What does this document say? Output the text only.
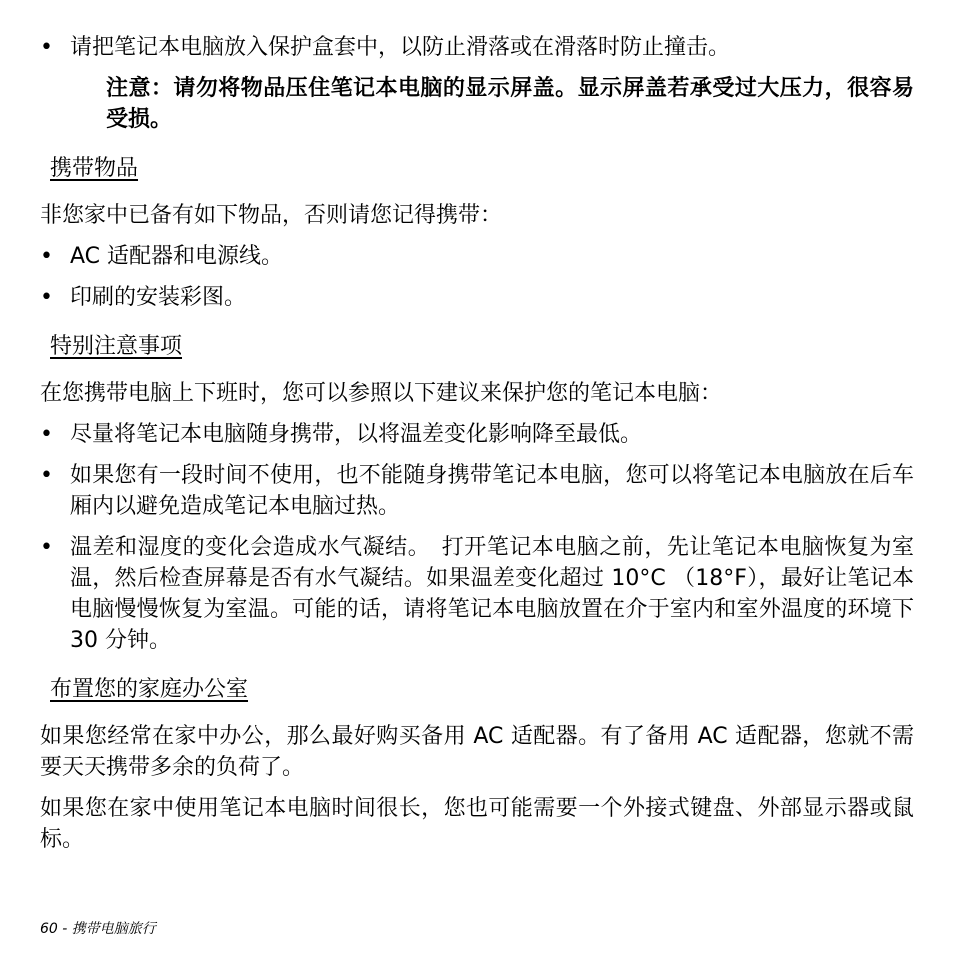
• 请把笔记本电脑放入保护盒套中，以防止滑落或在滑落时防止撞击。
注意：请勿将物品压住笔记本电脑的显示屏盖。显示屏盖若承受过大压力，很容易受损。
携带物品
非您家中已备有如下物品，否则请您记得携带：
• AC 适配器和电源线。
• 印刷的安装彩图。
特别注意事项
在您携带电脑上下班时，您可以参照以下建议来保护您的笔记本电脑：
• 尽量将笔记本电脑随身携带，以将温差变化影响降至最低。
• 如果您有一段时间不使用，也不能随身携带笔记本电脑，您可以将笔记本电脑放在后车厢内以避免造成笔记本电脑过热。
• 温差和湿度的变化会造成水气凝结。　打开笔记本电脑之前，先让笔记本电脑恢复为室温，然后检查屏幕是否有水气凝结。如果温差变化超过 10°C （18°F），最好让笔记本电脑慢慢恢复为室温。可能的话，请将笔记本电脑放置在介于室内和室外温度的环境下 30 分钟。
布置您的家庭办公室
如果您经常在家中办公，那么最好购买备用 AC 适配器。有了备用 AC 适配器，您就不需要天天携带多余的负荷了。
如果您在家中使用笔记本电脑时间很长，您也可能需要一个外接式键盘、外部显示器或鼠标。
60 - 携带电脑旅行
